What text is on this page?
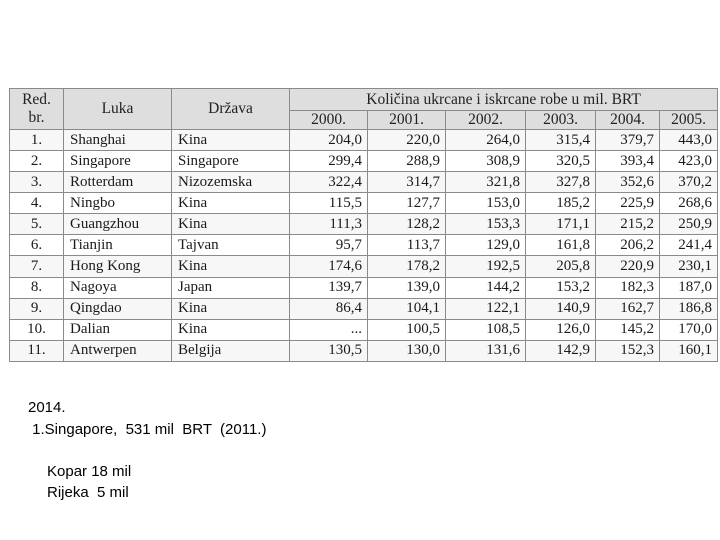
Red.
br.	Luka	Država	Količina ukrcane i iskrcane robe u mil. BRT					
			2000.	2001.	2002.	2003.	2004.	2005.
1.	Shanghai	Kina	204,0	220,0	264,0	315,4	379,7	443,0
2.	Singapore	Singapore	299,4	288,9	308,9	320,5	393,4	423,0
3.	Rotterdam	Nizozemska	322,4	314,7	321,8	327,8	352,6	370,2
4.	Ningbo	Kina	115,5	127,7	153,0	185,2	225,9	268,6
5.	Guangzhou	Kina	111,3	128,2	153,3	171,1	215,2	250,9
6.	Tianjin	Tajvan	95,7	113,7	129,0	161,8	206,2	241,4
7.	Hong Kong	Kina	174,6	178,2	192,5	205,8	220,9	230,1
8.	Nagoya	Japan	139,7	139,0	144,2	153,2	182,3	187,0
9.	Qingdao	Kina	86,4	104,1	122,1	140,9	162,7	186,8
10.	Dalian	Kina	...	100,5	108,5	126,0	145,2	170,0
11.	Antwerpen	Belgija	130,5	130,0	131,6	142,9	152,3	160,1
2014.
1.Singapore,  531 mil  BRT  (2011.)
Kopar 18 mil
Rijeka  5 mil
